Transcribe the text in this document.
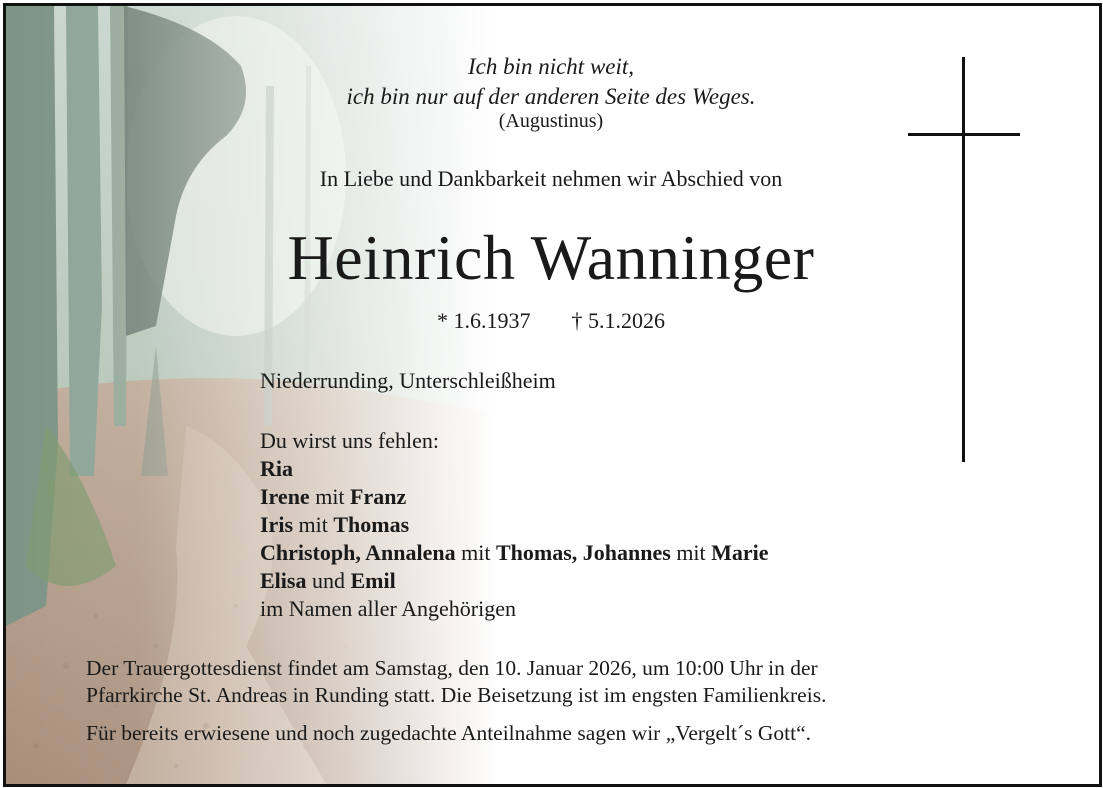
Ich bin nicht weit,
ich bin nur auf der anderen Seite des Weges.
(Augustinus)
In Liebe und Dankbarkeit nehmen wir Abschied von
Heinrich Wanninger
* 1.6.1937 † 5.1.2026
Niederrunding, Unterschleißheim
Du wirst uns fehlen:
Ria
Irene mit Franz
Iris mit Thomas
Christoph, Annalena mit Thomas, Johannes mit Marie
Elisa und Emil
im Namen aller Angehörigen
Der Trauergottesdienst findet am Samstag, den 10. Januar 2026, um 10:00 Uhr in der
Pfarrkirche St. Andreas in Runding statt. Die Beisetzung ist im engsten Familienkreis.
Für bereits erwiesene und noch zugedachte Anteilnahme sagen wir „Vergelt´s Gott“.
